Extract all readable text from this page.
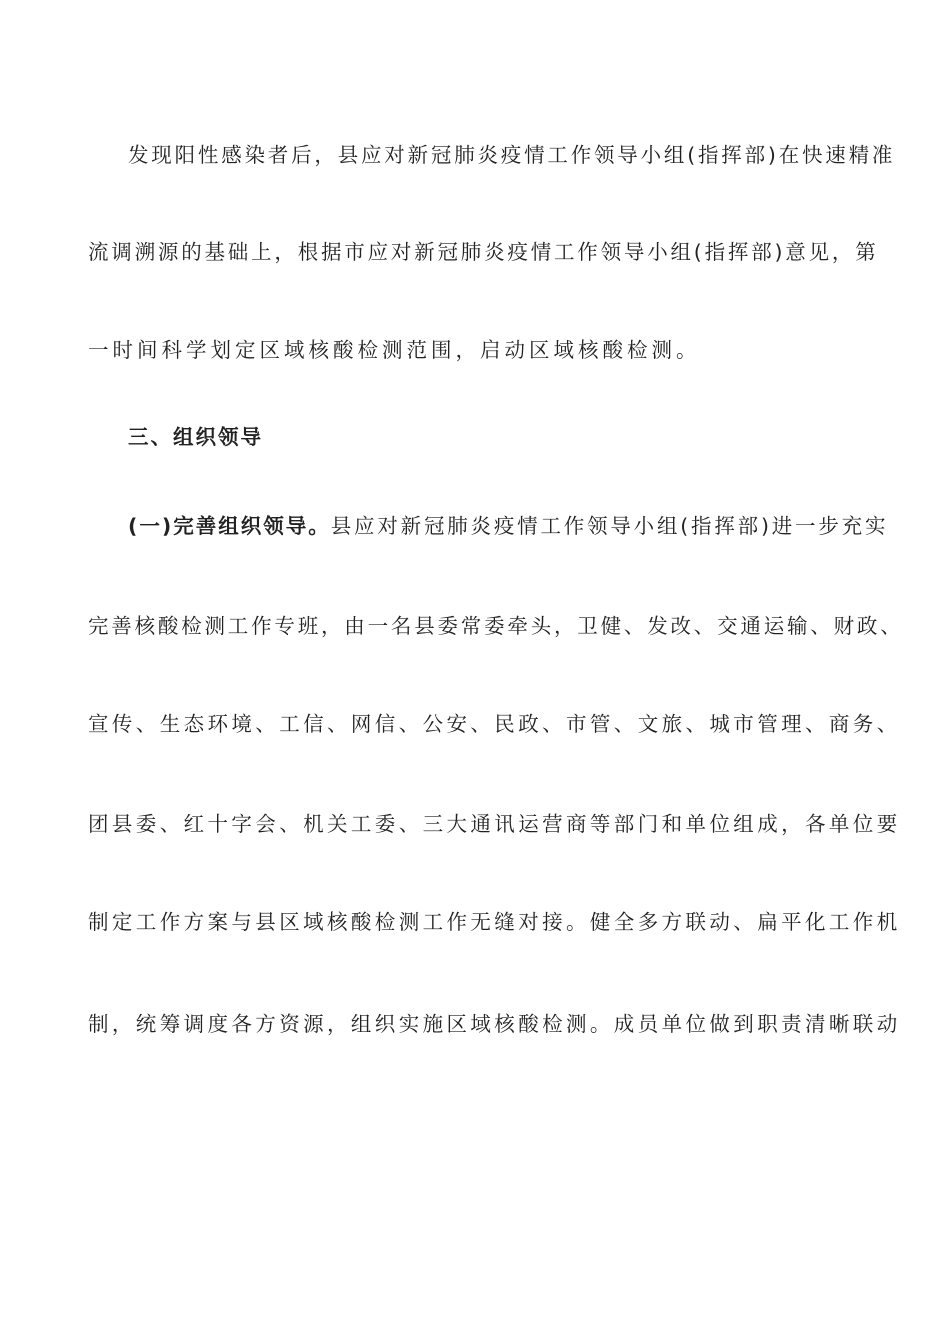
发现阳性感染者后，县应对新冠肺炎疫情工作领导小组(指挥部)在快速精准
流调溯源的基础上，根据市应对新冠肺炎疫情工作领导小组(指挥部)意见，第
一时间科学划定区域核酸检测范围，启动区域核酸检测。
三、组织领导
(一)完善组织领导。县应对新冠肺炎疫情工作领导小组(指挥部)进一步充实
完善核酸检测工作专班，由一名县委常委牵头，卫健、发改、交通运输、财政、
宣传、生态环境、工信、网信、公安、民政、市管、文旅、城市管理、商务、
团县委、红十字会、机关工委、三大通讯运营商等部门和单位组成，各单位要
制定工作方案与县区域核酸检测工作无缝对接。健全多方联动、扁平化工作机
制，统筹调度各方资源，组织实施区域核酸检测。成员单位做到职责清晰联动
